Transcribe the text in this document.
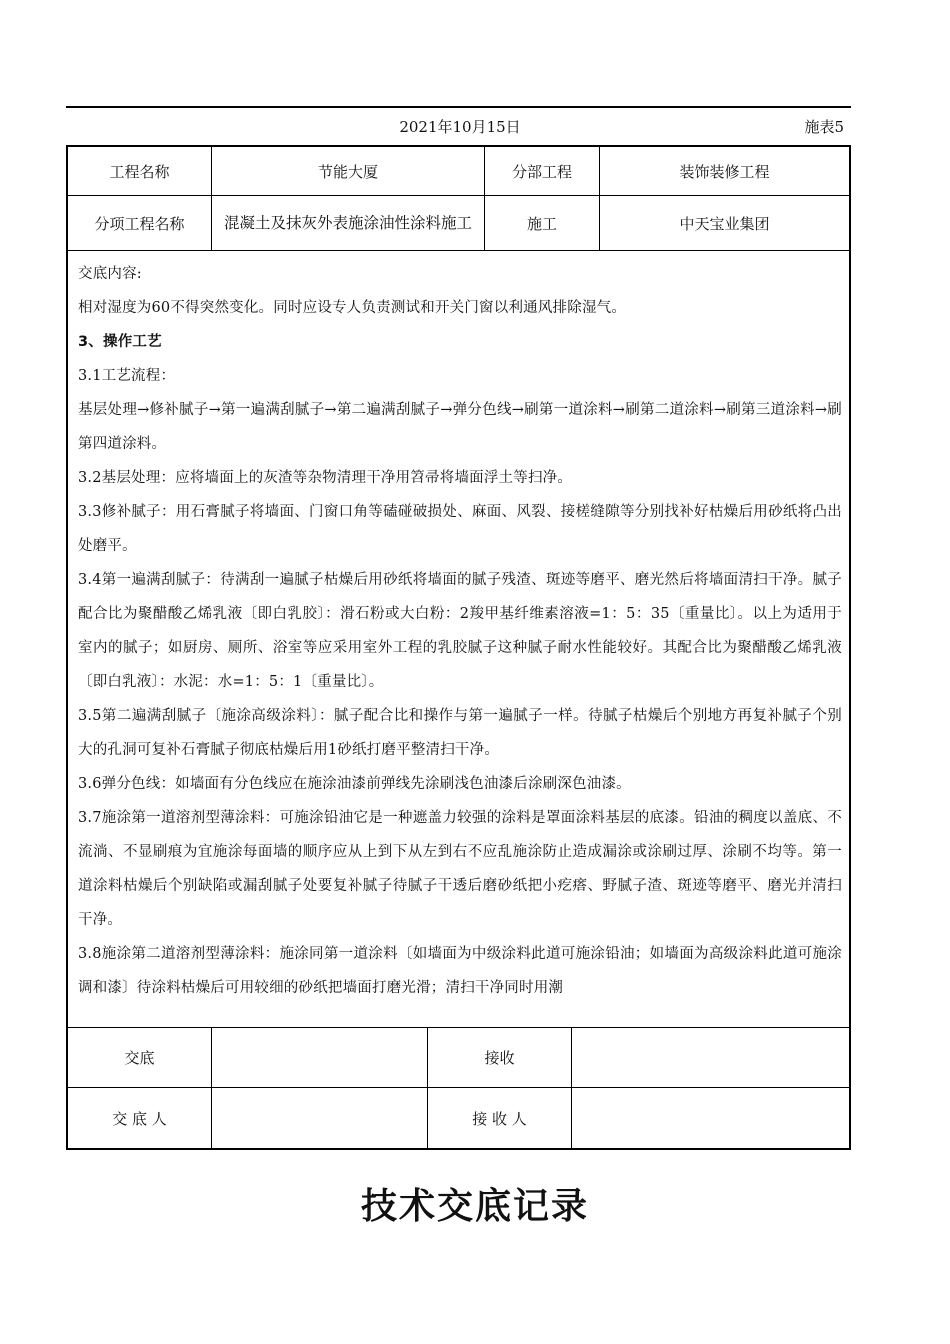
2021年10月15日	施表5
工程名称	节能大厦	分部工程	装饰装修工程
分项工程名称	混凝土及抹灰外表施涂油性涂料施工	施工	中天宝业集团

交底内容:

相对湿度为60不得突然变化。同时应设专人负责测试和开关门窗以利通风排除湿气。

3、操作工艺

3.1工艺流程：

基层处理→修补腻子→第一遍满刮腻子→第二遍满刮腻子→弹分色线→刷第一道涂料→刷第二道涂料→刷第三道涂料→刷第四道涂料。

3.2基层处理：应将墙面上的灰渣等杂物清理干净用笤帚将墙面浮土等扫净。

3.3修补腻子：用石膏腻子将墙面、门窗口角等磕碰破损处、麻面、风裂、接槎缝隙等分别找补好枯燥后用砂纸将凸出处磨平。

3.4第一遍满刮腻子：待满刮一遍腻子枯燥后用砂纸将墙面的腻子残渣、斑迹等磨平、磨光然后将墙面清扫干净。腻子配合比为聚醋酸乙烯乳液〔即白乳胶〕：滑石粉或大白粉：2羧甲基纤维素溶液=1：5：35〔重量比〕。以上为适用于室内的腻子；如厨房、厕所、浴室等应采用室外工程的乳胶腻子这种腻子耐水性能较好。其配合比为聚醋酸乙烯乳液〔即白乳液〕：水泥：水=1：5：1〔重量比〕。

3.5第二遍满刮腻子〔施涂高级涂料〕：腻子配合比和操作与第一遍腻子一样。待腻子枯燥后个别地方再复补腻子个别大的孔洞可复补石膏腻子彻底枯燥后用1砂纸打磨平整清扫干净。

3.6弹分色线：如墙面有分色线应在施涂油漆前弹线先涂刷浅色油漆后涂刷深色油漆。

3.7施涂第一道溶剂型薄涂料：可施涂铅油它是一种遮盖力较强的涂料是罩面涂料基层的底漆。铅油的稠度以盖底、不流淌、不显刷痕为宜施涂每面墙的顺序应从上到下从左到右不应乱施涂防止造成漏涂或涂刷过厚、涂刷不均等。第一道涂料枯燥后个别缺陷或漏刮腻子处要复补腻子待腻子干透后磨砂纸把小疙瘩、野腻子渣、斑迹等磨平、磨光并清扫干净。

3.8施涂第二道溶剂型薄涂料：施涂同第一道涂料〔如墙面为中级涂料此道可施涂铅油；如墙面为高级涂料此道可施涂调和漆〕待涂料枯燥后可用较细的砂纸把墙面打磨光滑；清扫干净同时用潮

交底	接收
交 底 人	接 收 人
技术交底记录
